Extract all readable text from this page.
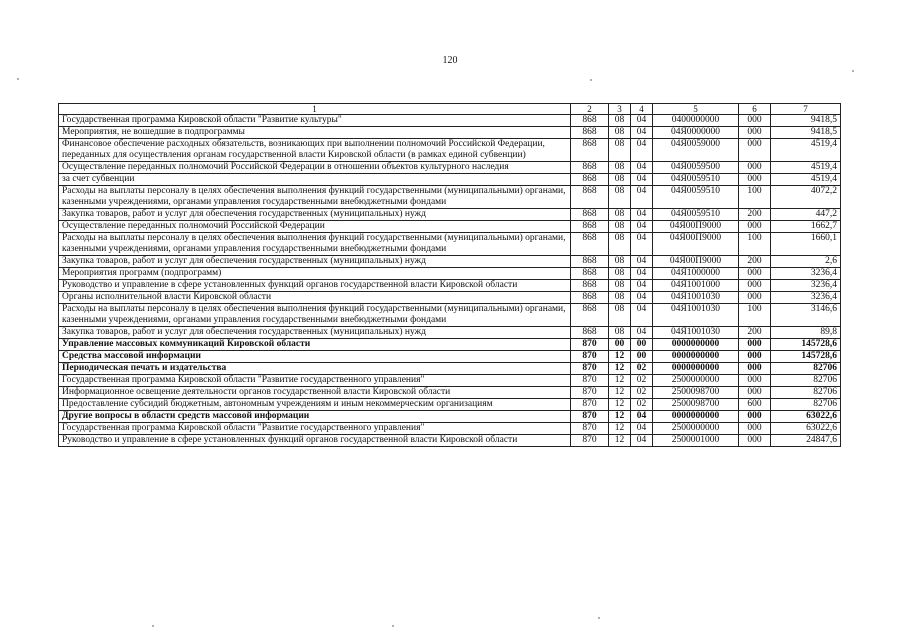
120
1	2	3	4	5	6	7
Государственная программа Кировской области "Развитие культуры"	868	08	04	0400000000	000	9418,5
Мероприятия, не вошедшие в подпрограммы	868	08	04	04Я0000000	000	9418,5
Финансовое обеспечение расходных обязательств, возникающих при выполнении полномочий Российской Федерации, переданных для осуществления органам государственной власти Кировской области (в рамках единой субвенции)	868	08	04	04Я0059000	000	4519,4
Осуществление переданных полномочий Российской Федерации в отношении объектов культурного наследия	868	08	04	04Я0059500	000	4519,4
за счет субвенции	868	08	04	04Я0059510	000	4519,4
Расходы на выплаты персоналу в целях обеспечения выполнения функций государственными (муниципальными) органами, казенными учреждениями, органами управления государственными внебюджетными фондами	868	08	04	04Я0059510	100	4072,2
Закупка товаров, работ и услуг для обеспечения государственных (муниципальных) нужд	868	08	04	04Я0059510	200	447,2
Осуществление переданных полномочий Российской Федерации	868	08	04	04Я00П9000	000	1662,7
Расходы на выплаты персоналу в целях обеспечения выполнения функций государственными (муниципальными) органами, казенными учреждениями, органами управления государственными внебюджетными фондами	868	08	04	04Я00П9000	100	1660,1
Закупка товаров, работ и услуг для обеспечения государственных (муниципальных) нужд	868	08	04	04Я00П9000	200	2,6
Мероприятия программ (подпрограмм)	868	08	04	04Я1000000	000	3236,4
Руководство и управление в сфере установленных функций органов государственной власти Кировской области	868	08	04	04Я1001000	000	3236,4
Органы исполнительной власти Кировской области	868	08	04	04Я1001030	000	3236,4
Расходы на выплаты персоналу в целях обеспечения выполнения функций государственными (муниципальными) органами, казенными учреждениями, органами управления государственными внебюджетными фондами	868	08	04	04Я1001030	100	3146,6
Закупка товаров, работ и услуг для обеспечения государственных (муниципальных) нужд	868	08	04	04Я1001030	200	89,8
Управление массовых коммуникаций Кировской области	870	00	00	0000000000	000	145728,6
Средства массовой информации	870	12	00	0000000000	000	145728,6
Периодическая печать и издательства	870	12	02	0000000000	000	82706
Государственная программа Кировской области "Развитие государственного управления"	870	12	02	2500000000	000	82706
Информационное освещение деятельности органов государственной власти Кировской области	870	12	02	2500098700	000	82706
Предоставление субсидий бюджетным, автономным учреждениям и иным некоммерческим организациям	870	12	02	2500098700	600	82706
Другие вопросы в области средств массовой информации	870	12	04	0000000000	000	63022,6
Государственная программа Кировской области "Развитие государственного управления"	870	12	04	2500000000	000	63022,6
Руководство и управление в сфере установленных функций органов государственной власти Кировской области	870	12	04	2500001000	000	24847,6
